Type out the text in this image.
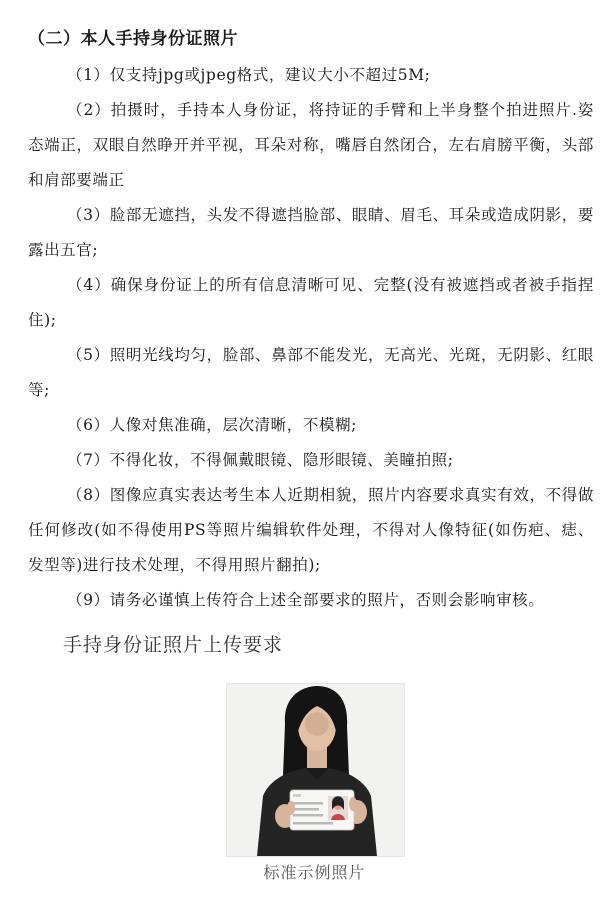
（二）本人手持身份证照片
（1）仅支持jpg或jpeg格式，建议大小不超过5M;
（2）拍摄时，手持本人身份证，将持证的手臂和上半身整个拍进照片.姿态端正，双眼自然睁开并平视，耳朵对称，嘴唇自然闭合，左右肩膀平衡，头部和肩部要端正
（3）脸部无遮挡，头发不得遮挡脸部、眼睛、眉毛、耳朵或造成阴影，要露出五官;
（4）确保身份证上的所有信息清晰可见、完整(没有被遮挡或者被手指捏住);
（5）照明光线均匀，脸部、鼻部不能发光，无高光、光斑，无阴影、红眼等;
（6）人像对焦准确，层次清晰，不模糊;
（7）不得化妆，不得佩戴眼镜、隐形眼镜、美瞳拍照;
（8）图像应真实表达考生本人近期相貌，照片内容要求真实有效，不得做任何修改(如不得使用PS等照片编辑软件处理，不得对人像特征(如伤疤、痣、发型等)进行技术处理，不得用照片翻拍);
（9）请务必谨慎上传符合上述全部要求的照片，否则会影响审核。
手持身份证照片上传要求
标准示例照片
